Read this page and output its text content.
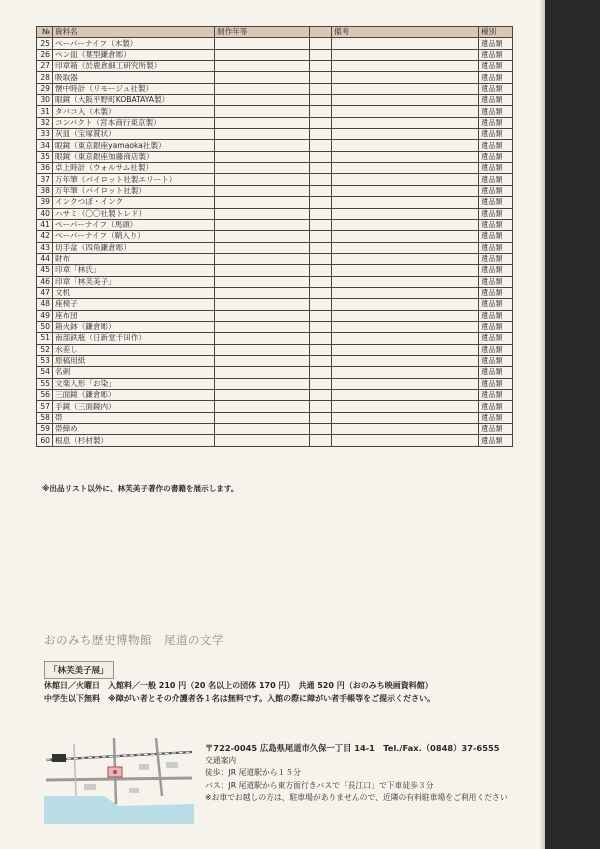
№	資料名	制作年等		備考	種別
25	ペーパーナイフ（木製）				遺品類
26	ペン皿（葉型鎌倉彫）				遺品類
27	印章箱（於鹿倉細工研究所製）				遺品類
28	吸取器				遺品類
29	懐中時計（リモージュ社製）				遺品類
30	眼鏡（大阪平野町KOBATAYA製）				遺品類
31	タバコ入（木製）				遺品類
32	コンパクト（宮本商行東京製）				遺品類
33	灰皿（宝塚賞状）				遺品類
34	眼鏡（東京銀座yamaoka社製）				遺品類
35	眼鏡（東京銀座加藤商店製）				遺品類
36	卓上時計（ウォルサム社製）				遺品類
37	万年筆（パイロット社製エリート）				遺品類
38	万年筆（パイロット社製）				遺品類
39	インクつぼ・インク				遺品類
40	ハサミ（〇〇社製トレド）				遺品類
41	ペーパーナイフ（馬頭）				遺品類
42	ペーパーナイフ（鞘入り）				遺品類
43	切手盆（四角鎌倉彫）				遺品類
44	財布				遺品類
45	印章「林氏」				遺品類
46	印章「林芙美子」				遺品類
47	文机				遺品類
48	座椅子				遺品類
49	座布団				遺品類
50	箱火鉢（鎌倉彫）				遺品類
51	南部鉄瓶（日新堂千田作）				遺品類
52	水差し				遺品類
53	原稿用紙				遺品類
54	名刺				遺品類
55	文楽人形「お染」				遺品類
56	三面鏡（鎌倉彫）				遺品類
57	手鏡（三面鏡内）				遺品類
58	帯				遺品類
59	帯締め				遺品類
60	根息（杉材製）				遺品類
※出品リスト以外に、林芙美子著作の書籍を展示します。
おのみち歴史博物館　尾道の文学
「林芙美子展」
休館日／火曜日　入館料／一般 210 円（20 名以上の団体 170 円）　共通 520 円（おのみち映画資料館）
中学生以下無料　※障がい者とその介護者各１名は無料です。入館の際に障がい者手帳等をご提示ください。
〒722-0045 広島県尾道市久保一丁目 14-1　Tel./Fax.（0848）37-6555
交通案内
徒歩：JR 尾道駅から１５分
バス：JR 尾道駅から東方面行きバスで「長江口」で下車徒歩３分
※お車でお越しの方は、駐車場がありませんので、近隣の有料駐車場をご利用ください
